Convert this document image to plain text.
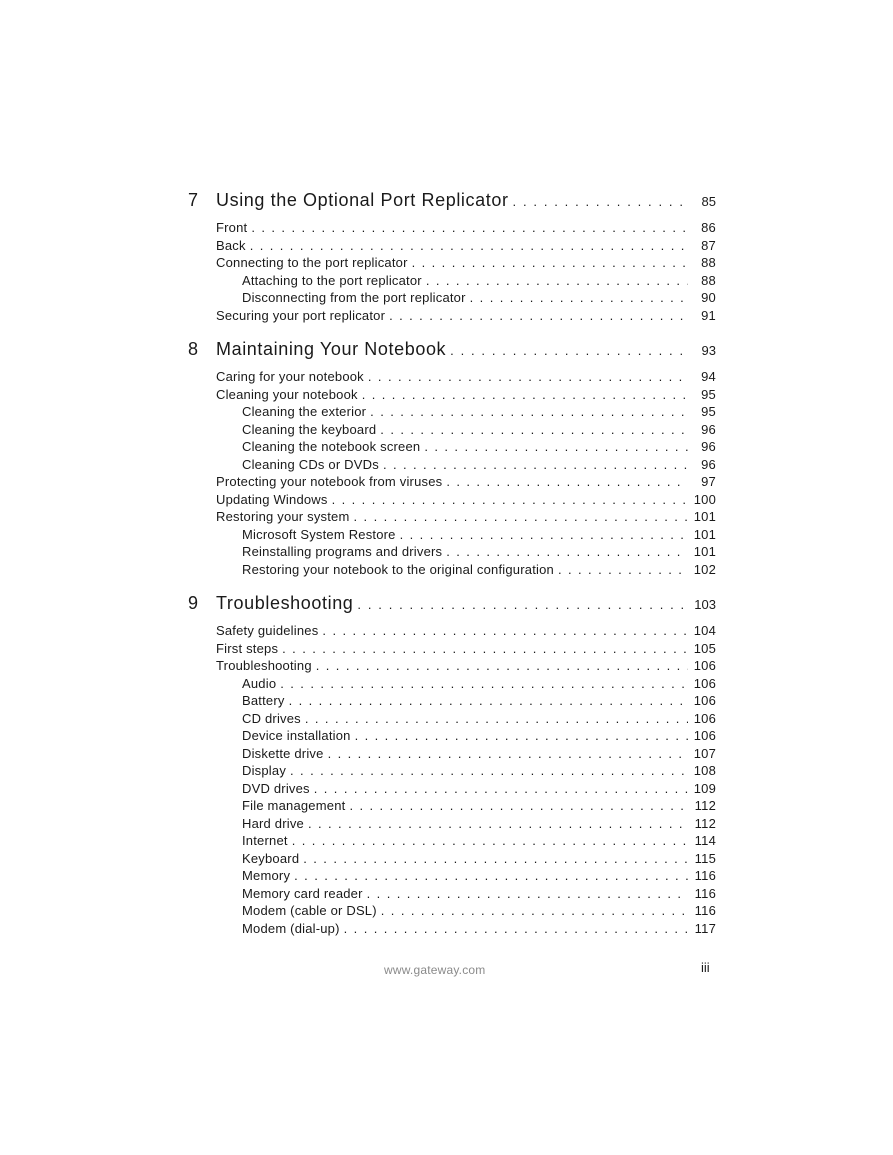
7 Using the Optional Port Replicator . . .	85
Front . . .	86
Back . . .	87
Connecting to the port replicator . . .	88
Attaching to the port replicator . . .	88
Disconnecting from the port replicator . . .	90
Securing your port replicator . . .	91
8 Maintaining Your Notebook . . .	93
Caring for your notebook . . .	94
Cleaning your notebook . . .	95
Cleaning the exterior . . .	95
Cleaning the keyboard . . .	96
Cleaning the notebook screen . . .	96
Cleaning CDs or DVDs . . .	96
Protecting your notebook from viruses . . .	97
Updating Windows . . .	100
Restoring your system . . .	101
Microsoft System Restore . . .	101
Reinstalling programs and drivers . . .	101
Restoring your notebook to the original configuration . . .	102
9 Troubleshooting . . .	103
Safety guidelines . . .	104
First steps . . .	105
Troubleshooting . . .	106
Audio . . .	106
Battery . . .	106
CD drives . . .	106
Device installation . . .	106
Diskette drive . . .	107
Display . . .	108
DVD drives . . .	109
File management . . .	112
Hard drive . . .	112
Internet . . .	114
Keyboard . . .	115
Memory . . .	116
Memory card reader . . .	116
Modem (cable or DSL) . . .	116
Modem (dial-up) . . .	117
www.gateway.com	iii
